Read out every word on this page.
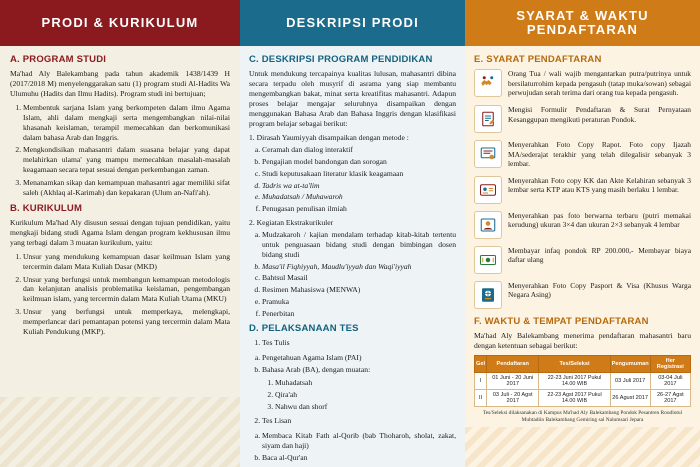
PRODI & KURIKULUM	DESKRIPSI PRODI	SYARAT & WAKTU PENDAFTARAN
A. PROGRAM STUDI

Ma'had Aly Balekambang pada tahun akademik 1438/1439 H (2017/2018 M) menyelenggarakan satu (1) program studi Al-Hadits Wa Ulumuhu (Hadits dan Ilmu Hadits). Program studi ini bertujuan;

1. Membentuk sarjana Islam yang berkompeten dalam ilmu Agama Islam, ahli dalam mengkaji serta mengembangkan nilai-nilai khasanah keislaman, terampil memecahkan dan berkomunikasi dalam bahasa Arab dan Inggris.
2. Mengkondisikan mahasantri dalam suasana belajar yang dapat melahirkan ulama' yang mampu memecahkan masalah-masalah keagamaan secara tepat sesuai dengan perkembangan zaman.
3. Menanamkan sikap dan kemampuan mahasantri agar memiliki sifat saleh (Akhlaq al-Karimah) dan kepakaran (Ulum an-Nafi'ah).
B. KURIKULUM

Kurikulum Ma'had Aly disusun sesuai dengan tujuan pendidikan, yaitu mengkaji bidang studi Agama Islam dengan program kekhususan ilmu yang terbagi dalam 3 muatan kurikulum, yaitu:

1. Unsur yang mendukung kemampuan dasar keilmuan Islam yang tercermin dalam Mata Kuliah Dasar (MKD)
2. Unsur yang berfungsi untuk membangun kemampuan metodologis dan kelanjutan analisis problematika keislaman, pengembangan keilmuan islam, yang tercermin dalam Mata Kuliah Utama (MKU)
3. Unsur yang berfungsi untuk memperkaya, melengkapi, memperlancar dari pemantapan potensi yang tercermin dalam Mata Kuliah Pendukung (MKP).
C. DESKRIPSI PROGRAM PENDIDIKAN

Untuk mendukung tercapainya kualitas lulusan, mahasantri dibina secara terpadu oleh musyrif di asrama yang siap membantu mengembangkan bakat, minat serta kreatifitas mahasantri. Adapun proses belajar mengajar seluruhnya disampaikan dengan menggunakan Bahasa Arab dan Bahasa Inggris dengan klasifikasi program belajar sebagai berikut:

1. Dirasah Yaumiyyah disampaikan dengan metode :

a. Ceramah dan dialog interaktif
b. Pengajian model bandongan dan sorogan
c. Studi keputusakaan literatur klasik keagamaan
d. Tadris wa at-ta'lim
e. Muhadatsah / Muhawaroh
f. Penugasan penulisan ilmiah

2. Kegiatan Ekstrakurikuler

a. Mudzakaroh / kajian mendalam terhadap kitab-kitab tertentu untuk penguasaan bidang studi dengan bimbingan dosen bidang studi
b. Masa'il Fiqhiyyah, Maudlu'iyyah dan Waqi'iyyah
c. Bahtsul Masail
d. Resimen Mahasiswa (MENWA)
e. Pramuka
f. Penerbitan
D. PELAKSANAAN TES
1. Tes Tulis
a. Pengetahuan Agama Islam (PAI)
b. Bahasa Arab (BA), dengan muatan:
1. Muhadatsah
2. Qira'ah
3. Nahwu dan shorf
2. Tes Lisan
a. Membaca Kitab Fath al-Qorib (bab Thoharoh, sholat, zakat, siyam dan haji)
b. Baca al-Qur'an
E. SYARAT PENDAFTARAN
Orang Tua / wali wajib mengantarkan putra/putrinya untuk bersilaturrohim kepada pengasuh (tatap muka/sowan) sebagai perwujudan serah terima dari orang tua kepada pengasuh.
Mengisi Formulir Pendaftaran & Surat Pernyataan Kesanggupan mengikuti peraturan Pondok.
Menyerahkan Foto Copy Rapot. Foto copy Ijazah MA/sederajat terakhir yang telah dilegalisir sebanyak 3 lembar.
Menyerahkan Foto copy KK dan Akte Kelahiran sebanyak 3 lembar serta KTP atau KTS yang masih berlaku 1 lembar.
Menyerahkan pas foto berwarna terbaru (putri memakai kerudung) ukuran 3×4 dan ukuran 2×3 sebanyak 4 lembar
Membayar infaq pondok RP 200.000,- Membayar biaya daftar ulang
Menyerahkan Foto Copy Pasport & Visa (Khusus Warga Negara Asing)
F. WAKTU & TEMPAT PENDAFTARAN

Ma'had Aly Balekambang menerima pendaftaran mahasantri baru dengan ketentuan sebagai berikut:

Gel	Pendaftaran	Tes/Seleksi	Pengumuman	Her Registrasi
I	01 Juni - 20 Juni 2017	22-23 Juni 2017 Pukul 14.00 WIB	03 Juli 2017	03-04 Juli 2017
II	03 Juli - 20 Agst 2017	22-23 Agst 2017 Pukul 14.00 WIB	26 Agust 2017	26-27 Agst 2017
Tes/Seleksi dilaksanakan di Kampus Ma'had Aly Balekambang Pondok Pesantren Roudlotul Mubtadiin Balekambang Gemiring sal Nalumsari Jepara
